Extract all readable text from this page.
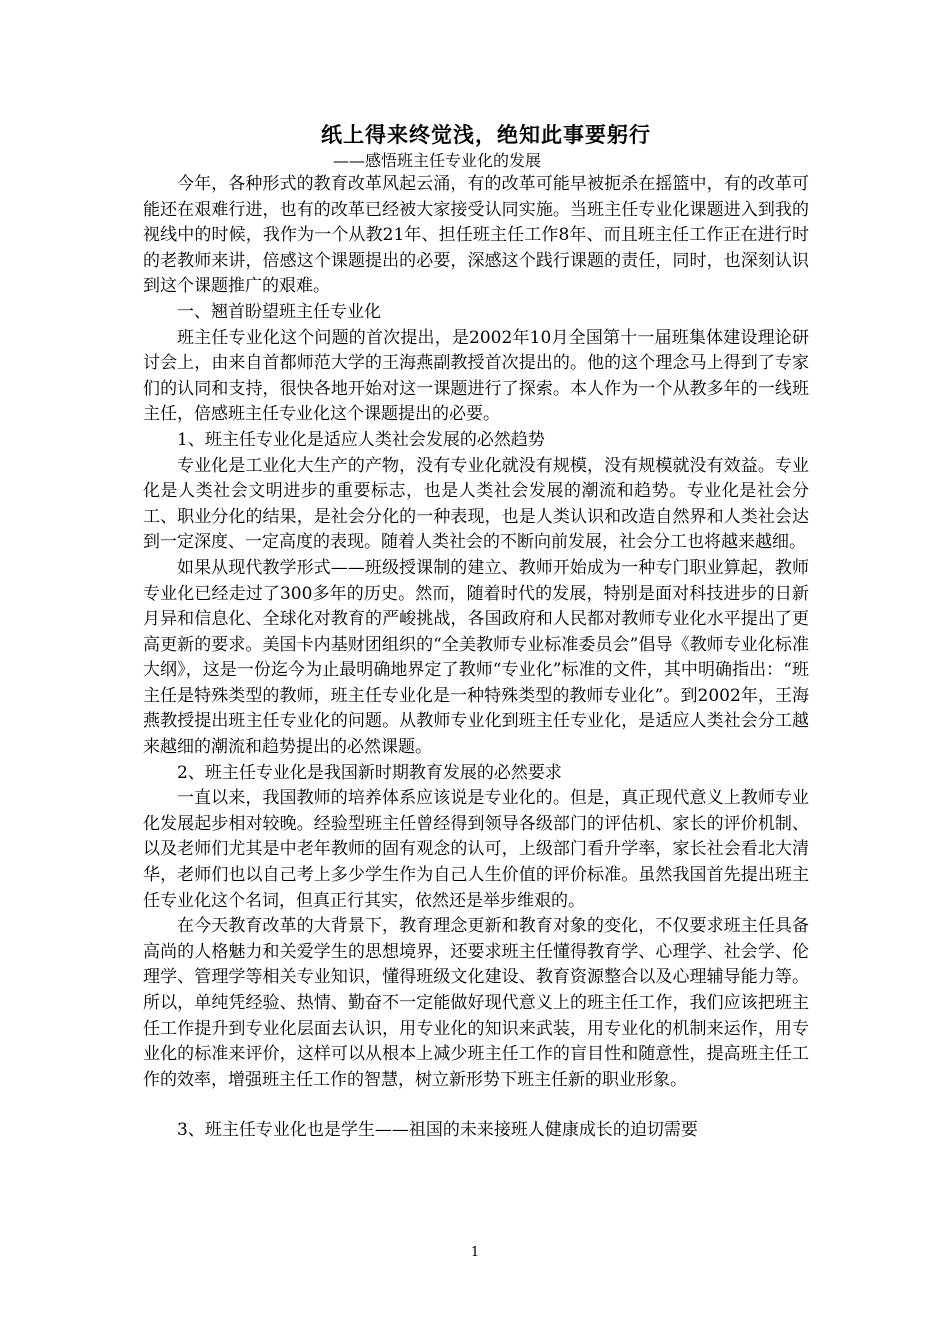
纸上得来终觉浅，绝知此事要躬行

——感悟班主任专业化的发展

今年，各种形式的教育改革风起云涌，有的改革可能早被扼杀在摇篮中，有的改革可能还在艰难行进，也有的改革已经被大家接受认同实施。当班主任专业化课题进入到我的视线中的时候，我作为一个从教21年、担任班主任工作8年、而且班主任工作正在进行时的老教师来讲，倍感这个课题提出的必要，深感这个践行课题的责任，同时，也深刻认识到这个课题推广的艰难。

一、翘首盼望班主任专业化

班主任专业化这个问题的首次提出，是2002年10月全国第十一届班集体建设理论研讨会上，由来自首都师范大学的王海燕副教授首次提出的。他的这个理念马上得到了专家们的认同和支持，很快各地开始对这一课题进行了探索。本人作为一个从教多年的一线班主任，倍感班主任专业化这个课题提出的必要。

1、班主任专业化是适应人类社会发展的必然趋势

专业化是工业化大生产的产物，没有专业化就没有规模，没有规模就没有效益。专业化是人类社会文明进步的重要标志，也是人类社会发展的潮流和趋势。专业化是社会分工、职业分化的结果，是社会分化的一种表现，也是人类认识和改造自然界和人类社会达到一定深度、一定高度的表现。随着人类社会的不断向前发展，社会分工也将越来越细。

如果从现代教学形式——班级授课制的建立、教师开始成为一种专门职业算起，教师专业化已经走过了300多年的历史。然而，随着时代的发展，特别是面对科技进步的日新月异和信息化、全球化对教育的严峻挑战，各国政府和人民都对教师专业化水平提出了更高更新的要求。美国卡内基财团组织的“全美教师专业标准委员会”倡导《教师专业化标准大纲》，这是一份迄今为止最明确地界定了教师“专业化”标准的文件，其中明确指出：“班主任是特殊类型的教师，班主任专业化是一种特殊类型的教师专业化”。到2002年，王海燕教授提出班主任专业化的问题。从教师专业化到班主任专业化，是适应人类社会分工越来越细的潮流和趋势提出的必然课题。

2、班主任专业化是我国新时期教育发展的必然要求

一直以来，我国教师的培养体系应该说是专业化的。但是，真正现代意义上教师专业化发展起步相对较晚。经验型班主任曾经得到领导各级部门的评估机、家长的评价机制、以及老师们尤其是中老年教师的固有观念的认可，上级部门看升学率，家长社会看北大清华，老师们也以自己考上多少学生作为自己人生价值的评价标准。虽然我国首先提出班主任专业化这个名词，但真正行其实，依然还是举步维艰的。

在今天教育改革的大背景下，教育理念更新和教育对象的变化，不仅要求班主任具备高尚的人格魅力和关爱学生的思想境界，还要求班主任懂得教育学、心理学、社会学、伦理学、管理学等相关专业知识，懂得班级文化建设、教育资源整合以及心理辅导能力等。所以，单纯凭经验、热情、勤奋不一定能做好现代意义上的班主任工作，我们应该把班主任工作提升到专业化层面去认识，用专业化的知识来武装，用专业化的机制来运作，用专业化的标准来评价，这样可以从根本上减少班主任工作的盲目性和随意性，提高班主任工作的效率，增强班主任工作的智慧，树立新形势下班主任新的职业形象。

3、班主任专业化也是学生——祖国的未来接班人健康成长的迫切需要

1
